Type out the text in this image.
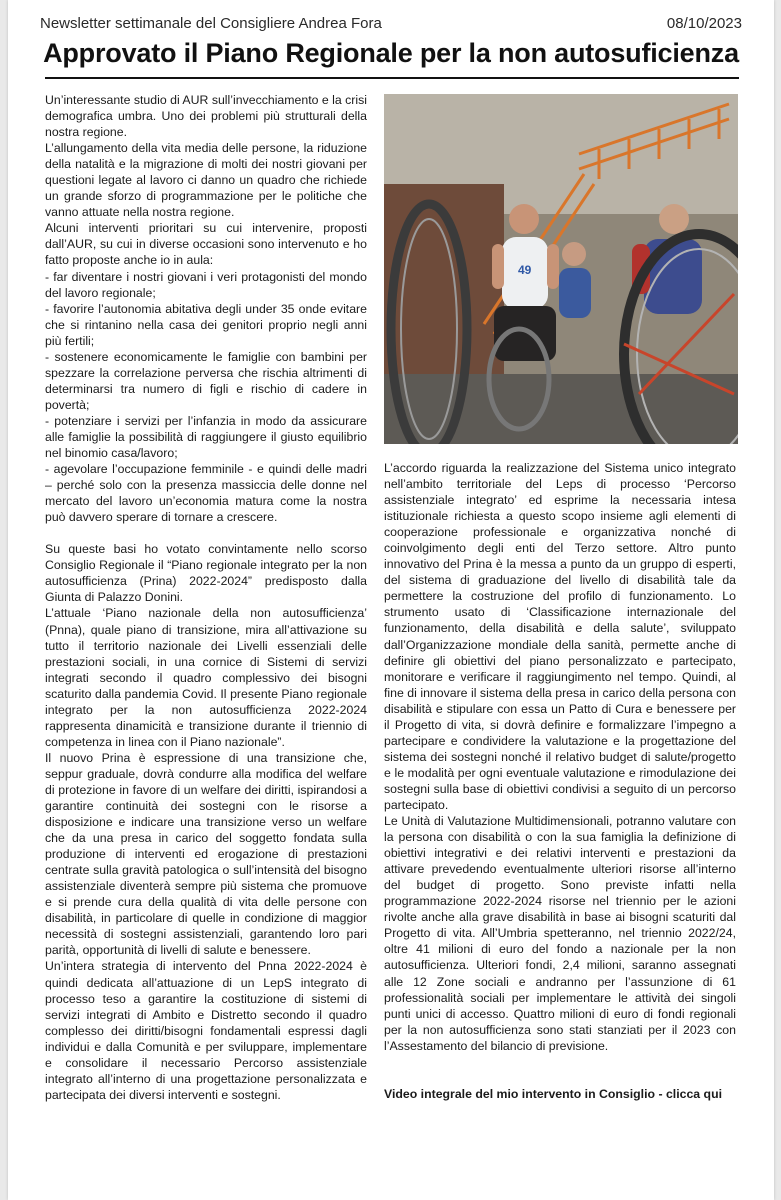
Newsletter settimanale del Consigliere Andrea Fora	08/10/2023
Approvato il Piano Regionale per la non autosuficienza

Un’interessante studio di AUR sull’invecchiamento e la crisi demografica umbra. Uno dei problemi più strutturali della nostra regione.

L’allungamento della vita media delle persone, la riduzione della natalità e la migrazione di molti dei nostri giovani per questioni legate al lavoro ci danno un quadro che richiede un grande sforzo di programmazione per le politiche che vanno attuate nella nostra regione.

Alcuni interventi prioritari su cui intervenire, proposti dall’AUR, su cui in diverse occasioni sono intervenuto e ho fatto proposte anche io in aula:

- far diventare i nostri giovani i veri protagonisti del mondo del lavoro regionale;

- favorire l’autonomia abitativa degli under 35 onde evitare che si rintanino nella casa dei genitori proprio negli anni più fertili;

- sostenere economicamente le famiglie con bambini per spezzare la correlazione perversa che rischia altrimenti di determinarsi tra numero di figli e rischio di cadere in povertà;

- potenziare i servizi per l’infanzia in modo da assicurare alle famiglie la possibilità di raggiungere il giusto equilibrio nel binomio casa/lavoro;

- agevolare l’occupazione femminile - e quindi delle madri – perché solo con la presenza massiccia delle donne nel mercato del lavoro un’economia matura come la nostra può davvero sperare di tornare a crescere.

Su queste basi ho votato convintamente nello scorso Consiglio Regionale il “Piano regionale integrato per la non autosufficienza (Prina) 2022-2024” predisposto dalla Giunta di Palazzo Donini.

L’attuale ‘Piano nazionale della non autosufficienza’ (Pnna), quale piano di transizione, mira all’attivazione su tutto il territorio nazionale dei Livelli essenziali delle prestazioni sociali, in una cornice di Sistemi di servizi integrati secondo il quadro complessivo dei bisogni scaturito dalla pandemia Covid. Il presente Piano regionale integrato per la non autosufficienza 2022-2024 rappresenta dinamicità e transizione durante il triennio di competenza in linea con il Piano nazionale”.

Il nuovo Prina è espressione di una transizione che, seppur graduale, dovrà condurre alla modifica del welfare di protezione in favore di un welfare dei diritti, ispirandosi a garantire continuità dei sostegni con le risorse a disposizione e indicare una transizione verso un welfare che da una presa in carico del soggetto fondata sulla produzione di interventi ed erogazione di prestazioni centrate sulla gravità patologica o sull’intensità del bisogno assistenziale diventerà sempre più sistema che promuove e si prende cura della qualità di vita delle persone con disabilità, in particolare di quelle in condizione di maggior necessità di sostegni assistenziali, garantendo loro pari parità, opportunità di livelli di salute e benessere.

Un’intera strategia di intervento del Pnna 2022-2024 è quindi dedicata all’attuazione di un LepS integrato di processo teso a garantire la costituzione di sistemi di servizi integrati di Ambito e Distretto secondo il quadro complesso dei diritti/bisogni fondamentali espressi dagli individui e dalla Comunità e per sviluppare, implementare e consolidare il necessario Percorso assistenziale integrato all’interno di una progettazione personalizzata e partecipata dei diversi interventi e sostegni.

49

L’accordo riguarda la realizzazione del Sistema unico integrato nell’ambito territoriale del Leps di processo ‘Percorso assistenziale integrato’ ed esprime la necessaria intesa istituzionale richiesta a questo scopo insieme agli elementi di cooperazione professionale e organizzativa nonché di coinvolgimento degli enti del Terzo settore. Altro punto innovativo del Prina è la messa a punto da un gruppo di esperti, del sistema di graduazione del livello di disabilità tale da permettere la costruzione del profilo di funzionamento. Lo strumento usato di ‘Classificazione internazionale del funzionamento, della disabilità e della salute’, sviluppato dall’Organizzazione mondiale della sanità, permette anche di definire gli obiettivi del piano personalizzato e partecipato, monitorare e verificare il raggiungimento nel tempo. Quindi, al fine di innovare il sistema della presa in carico della persona con disabilità e stipulare con essa un Patto di Cura e benessere per il Progetto di vita, si dovrà definire e formalizzare l’impegno a partecipare e condividere la valutazione e la progettazione del sistema dei sostegni nonché il relativo budget di salute/progetto e le modalità per ogni eventuale valutazione e rimodulazione dei sostegni sulla base di obiettivi condivisi a seguito di un percorso partecipato.

Le Unità di Valutazione Multidimensionali, potranno valutare con la persona con disabilità o con la sua famiglia la definizione di obiettivi integrativi e dei relativi interventi e prestazioni da attivare prevedendo eventualmente ulteriori risorse all’interno del budget di progetto. Sono previste infatti nella programmazione 2022-2024 risorse nel triennio per le azioni rivolte anche alla grave disabilità in base ai bisogni scaturiti dal Progetto di vita. All’Umbria spetteranno, nel triennio 2022/24, oltre 41 milioni di euro del fondo a nazionale per la non autosufficienza. Ulteriori fondi, 2,4 milioni, saranno assegnati alle 12 Zone sociali e andranno per l’assunzione di 61 professionalità sociali per implementare le attività dei singoli punti unici di accesso. Quattro milioni di euro di fondi regionali per la non autosufficienza sono stati stanziati per il 2023 con l’Assestamento del bilancio di previsione.

Video integrale del mio intervento in Consiglio - clicca qui
